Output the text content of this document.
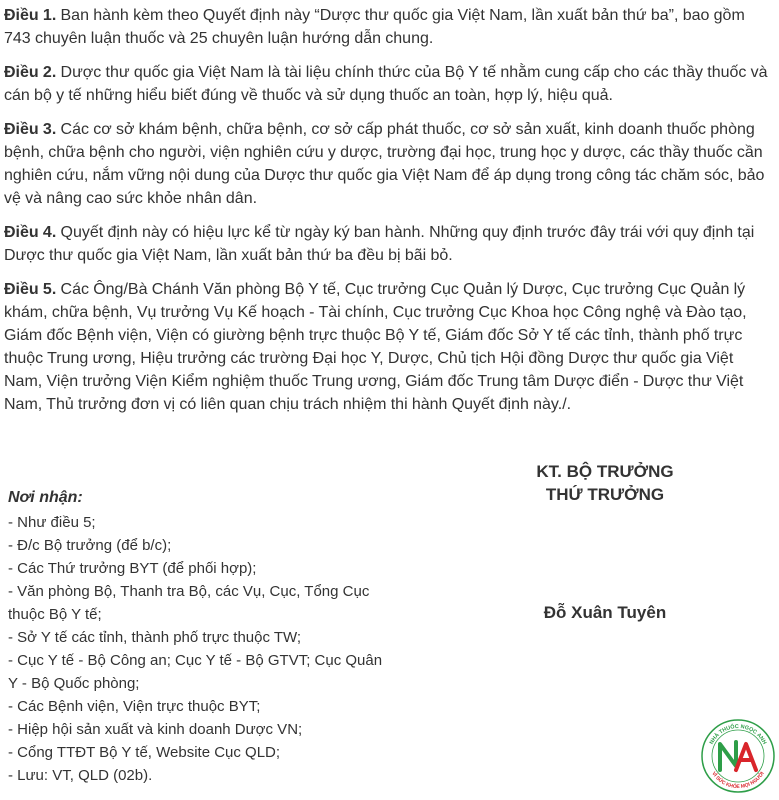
Điều 1. Ban hành kèm theo Quyết định này “Dược thư quốc gia Việt Nam, lần xuất bản thứ ba”, bao gồm 743 chuyên luận thuốc và 25 chuyên luận hướng dẫn chung.

Điều 2. Dược thư quốc gia Việt Nam là tài liệu chính thức của Bộ Y tế nhằm cung cấp cho các thầy thuốc và cán bộ y tế những hiểu biết đúng về thuốc và sử dụng thuốc an toàn, hợp lý, hiệu quả.

Điều 3. Các cơ sở khám bệnh, chữa bệnh, cơ sở cấp phát thuốc, cơ sở sản xuất, kinh doanh thuốc phòng bệnh, chữa bệnh cho người, viện nghiên cứu y dược, trường đại học, trung học y dược, các thầy thuốc cần nghiên cứu, nắm vững nội dung của Dược thư quốc gia Việt Nam để áp dụng trong công tác chăm sóc, bảo vệ và nâng cao sức khỏe nhân dân.

Điều 4. Quyết định này có hiệu lực kể từ ngày ký ban hành. Những quy định trước đây trái với quy định tại Dược thư quốc gia Việt Nam, lần xuất bản thứ ba đều bị bãi bỏ.

Điều 5. Các Ông/Bà Chánh Văn phòng Bộ Y tế, Cục trưởng Cục Quản lý Dược, Cục trưởng Cục Quản lý khám, chữa bệnh, Vụ trưởng Vụ Kế hoạch - Tài chính, Cục trưởng Cục Khoa học Công nghệ và Đào tạo, Giám đốc Bệnh viện, Viện có giường bệnh trực thuộc Bộ Y tế, Giám đốc Sở Y tế các tỉnh, thành phố trực thuộc Trung ương, Hiệu trưởng các trường Đại học Y, Dược, Chủ tịch Hội đồng Dược thư quốc gia Việt Nam, Viện trưởng Viện Kiểm nghiệm thuốc Trung ương, Giám đốc Trung tâm Dược điển - Dược thư Việt Nam, Thủ trưởng đơn vị có liên quan chịu trách nhiệm thi hành Quyết định này./.

KT. BỘ TRƯỞNG
THỨ TRƯỞNG
Đỗ Xuân Tuyên
Nơi nhận:
- Như điều 5;
- Đ/c Bộ trưởng (để b/c);
- Các Thứ trưởng BYT (để phối hợp);
- Văn phòng Bộ, Thanh tra Bộ, các Vụ, Cục, Tổng Cục thuộc Bộ Y tế;
- Sở Y tế các tỉnh, thành phố trực thuộc TW;
- Cục Y tế - Bộ Công an; Cục Y tế - Bộ GTVT; Cục Quân Y - Bộ Quốc phòng;
- Các Bệnh viện, Viện trực thuộc BYT;
- Hiệp hội sản xuất và kinh doanh Dược VN;
- Cổng TTĐT Bộ Y tế, Website Cục QLD;
- Lưu: VT, QLD (02b).
NHÀ THUỐC NGỌC ANH
VÌ SỨC KHỎE MỌI NGƯỜI
